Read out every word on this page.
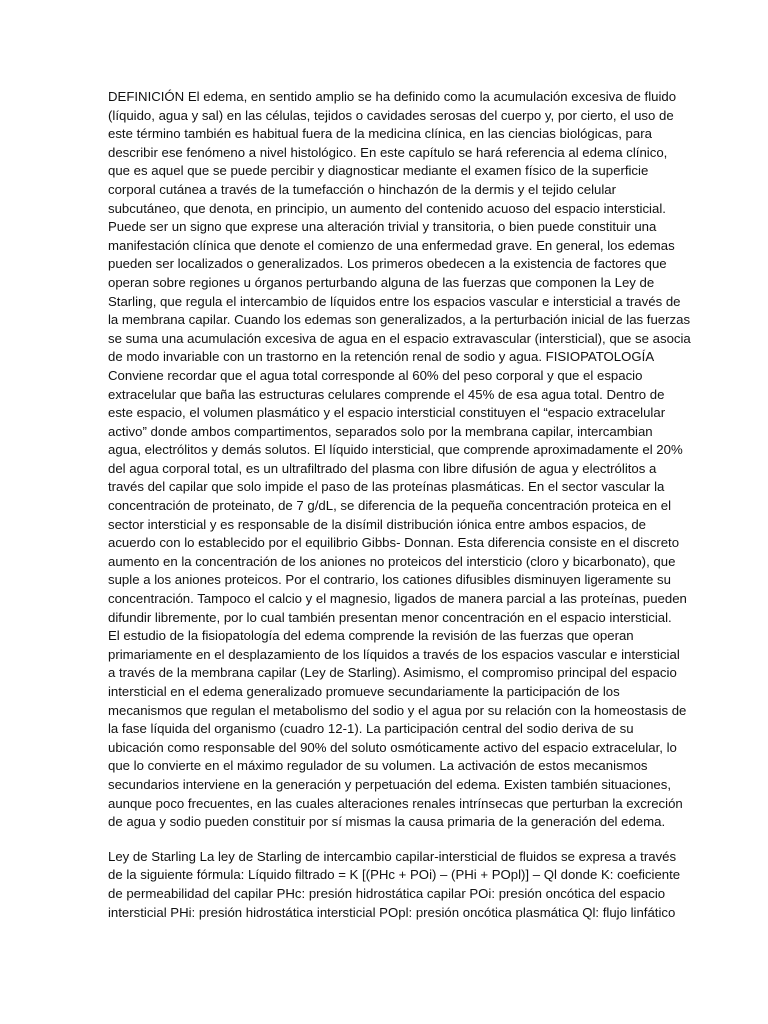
DEFINICIÓN El edema, en sentido amplio se ha definido como la acumulación excesiva de fluido
(líquido, agua y sal) en las células, tejidos o cavidades serosas del cuerpo y, por cierto, el uso de
este término también es habitual fuera de la medicina clínica, en las ciencias biológicas, para
describir ese fenómeno a nivel histológico. En este capítulo se hará referencia al edema clínico,
que es aquel que se puede percibir y diagnosticar mediante el examen físico de la superficie
corporal cutánea a través de la tumefacción o hinchazón de la dermis y el tejido celular
subcutáneo, que denota, en principio, un aumento del contenido acuoso del espacio intersticial.
Puede ser un signo que exprese una alteración trivial y transitoria, o bien puede constituir una
manifestación clínica que denote el comienzo de una enfermedad grave. En general, los edemas
pueden ser localizados o generalizados. Los primeros obedecen a la existencia de factores que
operan sobre regiones u órganos perturbando alguna de las fuerzas que componen la Ley de
Starling, que regula el intercambio de líquidos entre los espacios vascular e intersticial a través de
la membrana capilar. Cuando los edemas son generalizados, a la perturbación inicial de las fuerzas
se suma una acumulación excesiva de agua en el espacio extravascular (intersticial), que se asocia
de modo invariable con un trastorno en la retención renal de sodio y agua. FISIOPATOLOGÍA
Conviene recordar que el agua total corresponde al 60% del peso corporal y que el espacio
extracelular que baña las estructuras celulares comprende el 45% de esa agua total. Dentro de
este espacio, el volumen plasmático y el espacio intersticial constituyen el “espacio extracelular
activo” donde ambos compartimentos, separados solo por la membrana capilar, intercambian
agua, electrólitos y demás solutos. El líquido intersticial, que comprende aproximadamente el 20%
del agua corporal total, es un ultrafiltrado del plasma con libre difusión de agua y electrólitos a
través del capilar que solo impide el paso de las proteínas plasmáticas. En el sector vascular la
concentración de proteinato, de 7 g/dL, se diferencia de la pequeña concentración proteica en el
sector intersticial y es responsable de la disímil distribución iónica entre ambos espacios, de
acuerdo con lo establecido por el equilibrio Gibbs- Donnan. Esta diferencia consiste en el discreto
aumento en la concentración de los aniones no proteicos del intersticio (cloro y bicarbonato), que
suple a los aniones proteicos. Por el contrario, los cationes difusibles disminuyen ligeramente su
concentración. Tampoco el calcio y el magnesio, ligados de manera parcial a las proteínas, pueden
difundir libremente, por lo cual también presentan menor concentración en el espacio intersticial.
El estudio de la fisiopatología del edema comprende la revisión de las fuerzas que operan
primariamente en el desplazamiento de los líquidos a través de los espacios vascular e intersticial
a través de la membrana capilar (Ley de Starling). Asimismo, el compromiso principal del espacio
intersticial en el edema generalizado promueve secundariamente la participación de los
mecanismos que regulan el metabolismo del sodio y el agua por su relación con la homeostasis de
la fase líquida del organismo (cuadro 12-1). La participación central del sodio deriva de su
ubicación como responsable del 90% del soluto osmóticamente activo del espacio extracelular, lo
que lo convierte en el máximo regulador de su volumen. La activación de estos mecanismos
secundarios interviene en la generación y perpetuación del edema. Existen también situaciones,
aunque poco frecuentes, en las cuales alteraciones renales intrínsecas que perturban la excreción
de agua y sodio pueden constituir por sí mismas la causa primaria de la generación del edema.

Ley de Starling La ley de Starling de intercambio capilar-intersticial de fluidos se expresa a través
de la siguiente fórmula: Líquido filtrado = K [(PHc + POi) – (PHi + POpl)] – Ql donde K: coeficiente
de permeabilidad del capilar PHc: presión hidrostática capilar POi: presión oncótica del espacio
intersticial PHi: presión hidrostática intersticial POpl: presión oncótica plasmática Ql: flujo linfático
